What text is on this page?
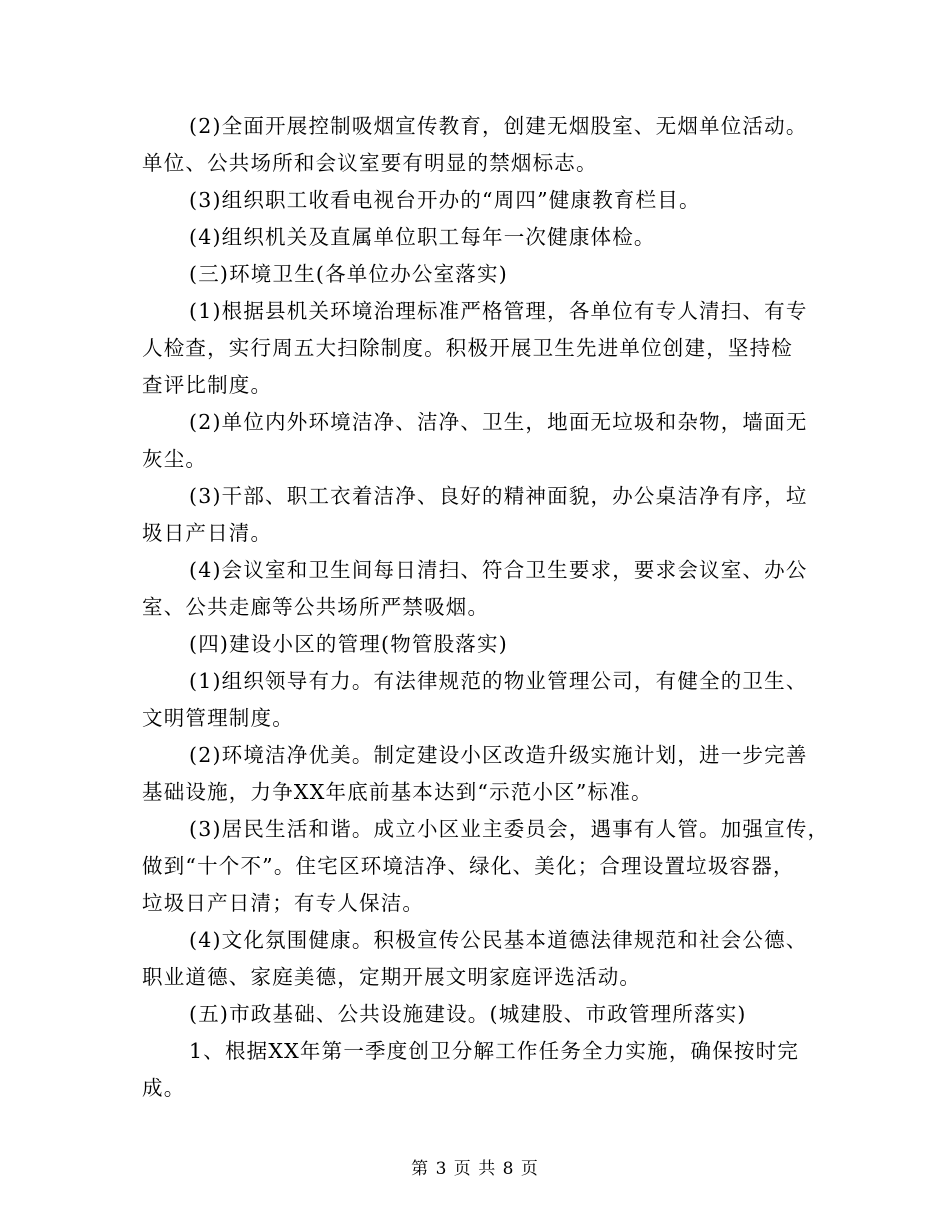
(2)全面开展控制吸烟宣传教育，创建无烟股室、无烟单位活动。
单位、公共场所和会议室要有明显的禁烟标志。
(3)组织职工收看电视台开办的“周四”健康教育栏目。
(4)组织机关及直属单位职工每年一次健康体检。
(三)环境卫生(各单位办公室落实)
(1)根据县机关环境治理标准严格管理，各单位有专人清扫、有专
人检查，实行周五大扫除制度。积极开展卫生先进单位创建，坚持检
查评比制度。
(2)单位内外环境洁净、洁净、卫生，地面无垃圾和杂物，墙面无
灰尘。
(3)干部、职工衣着洁净、良好的精神面貌，办公桌洁净有序，垃
圾日产日清。
(4)会议室和卫生间每日清扫、符合卫生要求，要求会议室、办公
室、公共走廊等公共场所严禁吸烟。
(四)建设小区的管理(物管股落实)
(1)组织领导有力。有法律规范的物业管理公司，有健全的卫生、
文明管理制度。
(2)环境洁净优美。制定建设小区改造升级实施计划，进一步完善
基础设施，力争XX年底前基本达到“示范小区”标准。
(3)居民生活和谐。成立小区业主委员会，遇事有人管。加强宣传，
做到“十个不”。住宅区环境洁净、绿化、美化；合理设置垃圾容器，
垃圾日产日清；有专人保洁。
(4)文化氛围健康。积极宣传公民基本道德法律规范和社会公德、
职业道德、家庭美德，定期开展文明家庭评选活动。
(五)市政基础、公共设施建设。(城建股、市政管理所落实)
1、根据XX年第一季度创卫分解工作任务全力实施，确保按时完
成。
第 3 页 共 8 页
